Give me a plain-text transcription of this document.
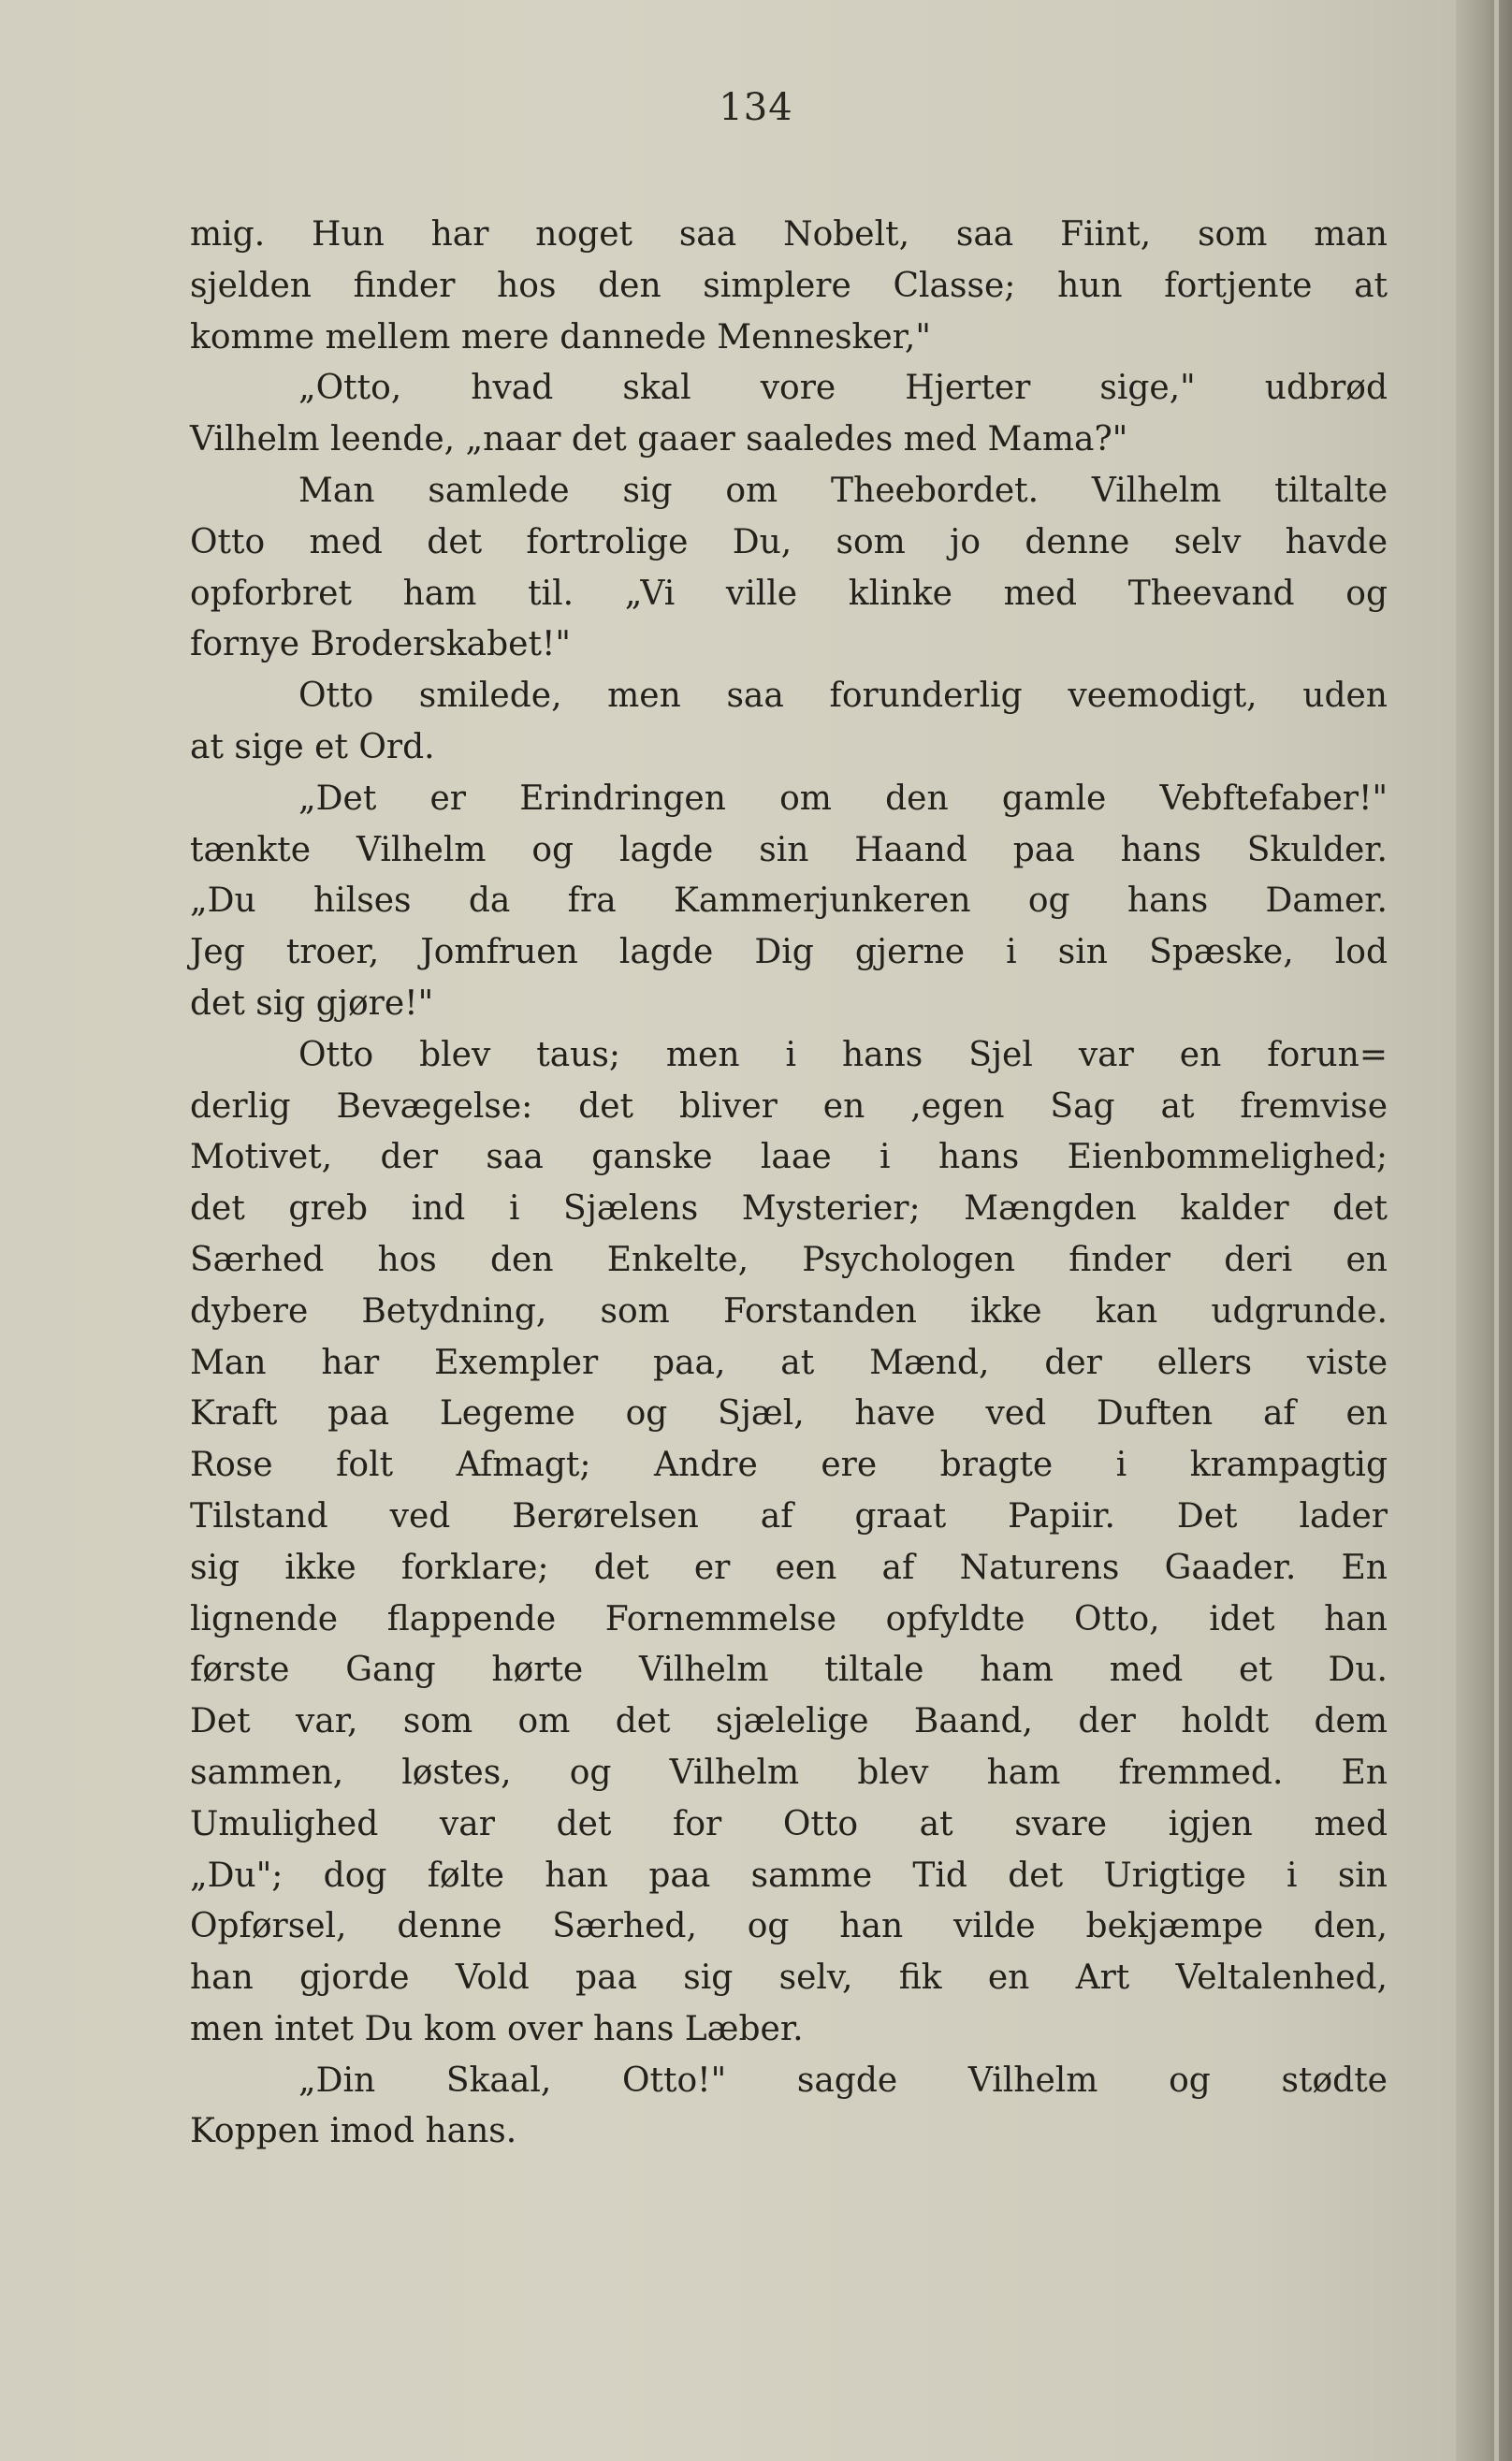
134
mig. Hun har noget saa Nobelt, saa Fiint, som man
sjelden finder hos den simplere Classe; hun fortjente at
komme mellem mere dannede Mennesker,"
„Otto, hvad skal vore Hjerter sige," udbrød
Vilhelm leende, „naar det gaaer saaledes med Mama?"
Man samlede sig om Theebordet. Vilhelm tiltalte
Otto med det fortrolige Du, som jo denne selv havde
opforbret ham til. „Vi ville klinke med Theevand og
fornye Broderskabet!"
Otto smilede, men saa forunderlig veemodigt, uden
at sige et Ord.
„Det er Erindringen om den gamle Vebftefaber!"
tænkte Vilhelm og lagde sin Haand paa hans Skulder.
„Du hilses da fra Kammerjunkeren og hans Damer.
Jeg troer, Jomfruen lagde Dig gjerne i sin Spæske, lod
det sig gjøre!"
Otto blev taus; men i hans Sjel var en forun=
derlig Bevægelse: det bliver en ,egen Sag at fremvise
Motivet, der saa ganske laae i hans Eienbommelighed;
det greb ind i Sjælens Mysterier; Mængden kalder det
Særhed hos den Enkelte, Psychologen finder deri en
dybere Betydning, som Forstanden ikke kan udgrunde.
Man har Exempler paa, at Mænd, der ellers viste
Kraft paa Legeme og Sjæl, have ved Duften af en
Rose folt Afmagt; Andre ere bragte i krampagtig
Tilstand ved Berørelsen af graat Papiir. Det lader
sig ikke forklare; det er een af Naturens Gaader. En
lignende flappende Fornemmelse opfyldte Otto, idet han
første Gang hørte Vilhelm tiltale ham med et Du.
Det var, som om det sjælelige Baand, der holdt dem
sammen, løstes, og Vilhelm blev ham fremmed. En
Umulighed var det for Otto at svare igjen med
„Du"; dog følte han paa samme Tid det Urigtige i sin
Opførsel, denne Særhed, og han vilde bekjæmpe den,
han gjorde Vold paa sig selv, fik en Art Veltalenhed,
men intet Du kom over hans Læber.
„Din Skaal, Otto!" sagde Vilhelm og stødte
Koppen imod hans.
